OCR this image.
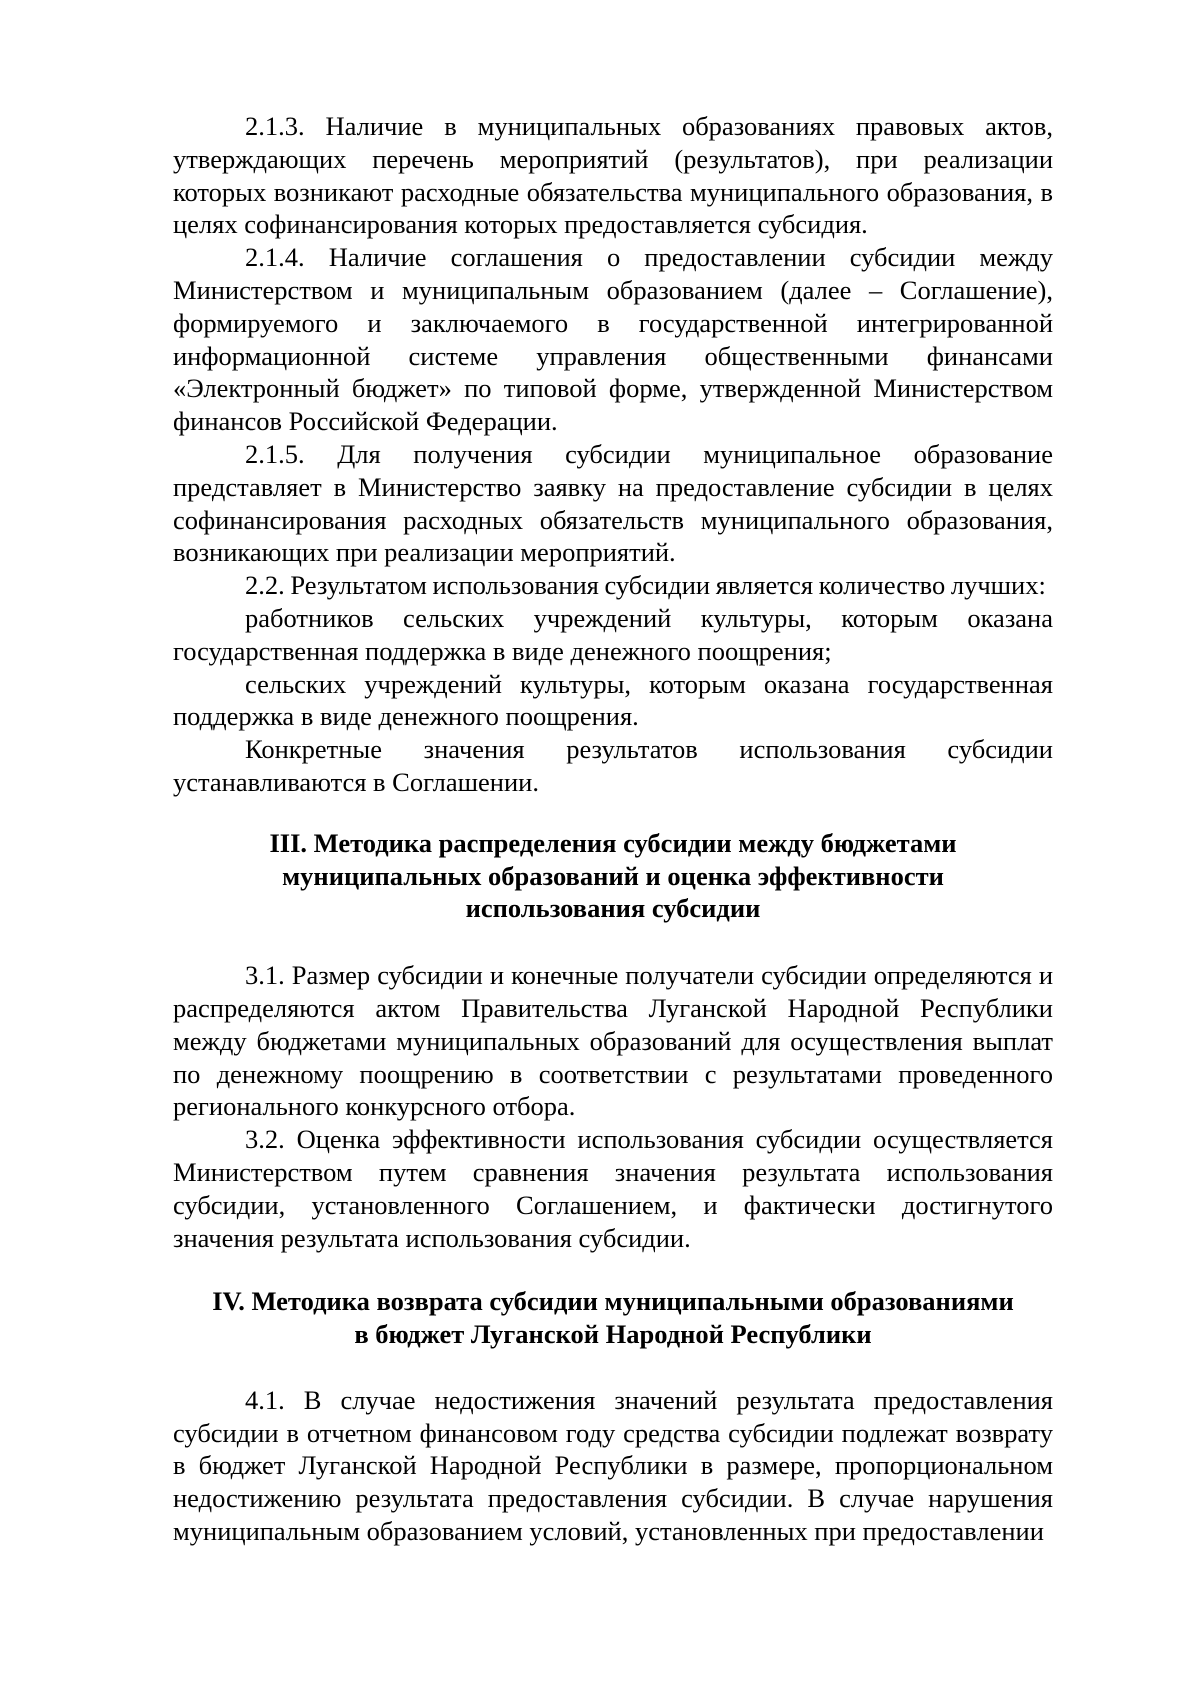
2.1.3. Наличие в муниципальных образованиях правовых актов, утверждающих перечень мероприятий (результатов), при реализации которых возникают расходные обязательства муниципального образования, в целях софинансирования которых предоставляется субсидия.

2.1.4. Наличие соглашения о предоставлении субсидии между Министерством и муниципальным образованием (далее – Соглашение), формируемого и заключаемого в государственной интегрированной информационной системе управления общественными финансами «Электронный бюджет» по типовой форме, утвержденной Министерством финансов Российской Федерации.

2.1.5. Для получения субсидии муниципальное образование представляет в Министерство заявку на предоставление субсидии в целях софинансирования расходных обязательств муниципального образования, возникающих при реализации мероприятий.

2.2. Результатом использования субсидии является количество лучших:

работников сельских учреждений культуры, которым оказана государственная поддержка в виде денежного поощрения;

сельских учреждений культуры, которым оказана государственная поддержка в виде денежного поощрения.

Конкретные значения результатов использования субсидии устанавливаются в Соглашении.

III. Методика распределения субсидии между бюджетами
муниципальных образований и оценка эффективности
использования субсидии

3.1. Размер субсидии и конечные получатели субсидии определяются и распределяются актом Правительства Луганской Народной Республики между бюджетами муниципальных образований для осуществления выплат по денежному поощрению в соответствии с результатами проведенного регионального конкурсного отбора.

3.2. Оценка эффективности использования субсидии осуществляется Министерством путем сравнения значения результата использования субсидии, установленного Соглашением, и фактически достигнутого значения результата использования субсидии.

IV. Методика возврата субсидии муниципальными образованиями
в бюджет Луганской Народной Республики

4.1. В случае недостижения значений результата предоставления субсидии в отчетном финансовом году средства субсидии подлежат возврату в бюджет Луганской Народной Республики в размере, пропорциональном недостижению результата предоставления субсидии. В случае нарушения муниципальным образованием условий, установленных при предоставлении
